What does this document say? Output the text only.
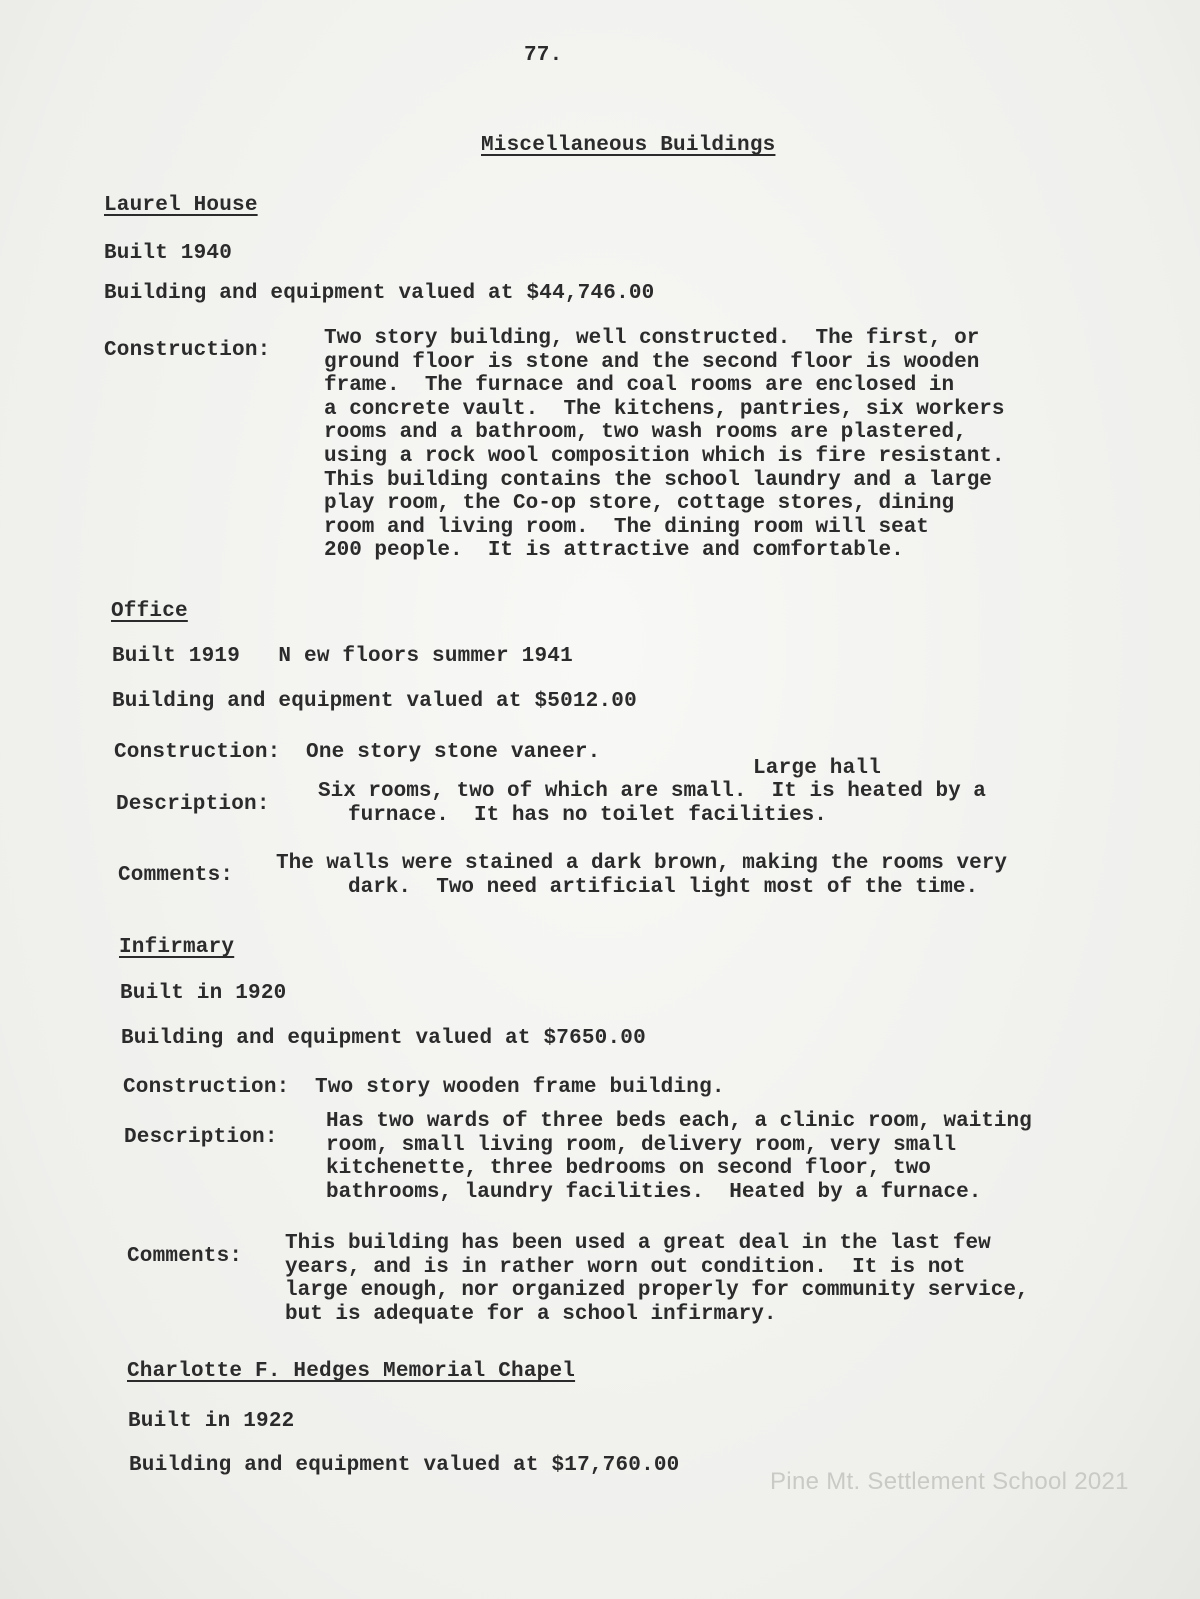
77.
Miscellaneous Buildings
Laurel House
Built 1940
Building and equipment valued at $44,746.00
Construction:
Two story building, well constructed.  The first, or
ground floor is stone and the second floor is wooden
frame.  The furnace and coal rooms are enclosed in
a concrete vault.  The kitchens, pantries, six workers
rooms and a bathroom, two wash rooms are plastered,
using a rock wool composition which is fire resistant.
This building contains the school laundry and a large
play room, the Co-op store, cottage stores, dining
room and living room.  The dining room will seat
200 people.  It is attractive and comfortable.
Office
Built 1919   N ew floors summer 1941
Building and equipment valued at $5012.00
Construction:  One story stone vaneer.
Large hall
Description:
Six rooms, two of which are small.  It is heated by a
furnace.  It has no toilet facilities.
Comments:
The walls were stained a dark brown, making the rooms very
dark.  Two need artificial light most of the time.
Infirmary
Built in 1920
Building and equipment valued at $7650.00
Construction:  Two story wooden frame building.
Description:
Has two wards of three beds each, a clinic room, waiting
room, small living room, delivery room, very small
kitchenette, three bedrooms on second floor, two
bathrooms, laundry facilities.  Heated by a furnace.
Comments:
This building has been used a great deal in the last few
years, and is in rather worn out condition.  It is not
large enough, nor organized properly for community service,
but is adequate for a school infirmary.
Charlotte F. Hedges Memorial Chapel
Built in 1922
Building and equipment valued at $17,760.00
Pine Mt. Settlement School 2021
